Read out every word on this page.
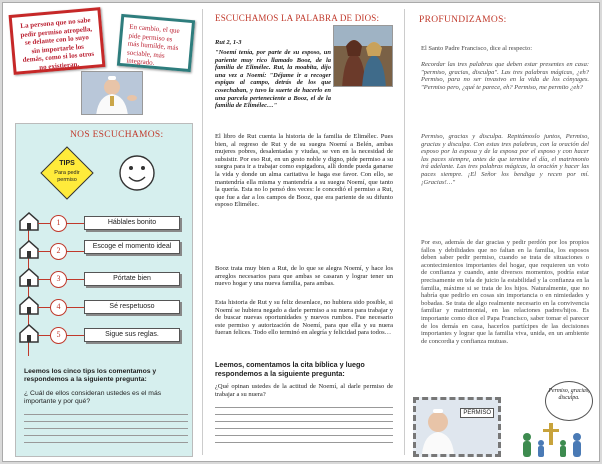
La persona que no sabe pedir permiso atropella, se delante con lo suyo sin importarle los demás, como si los otros no existieran.
En cambio, el que pide permiso es más humilde, más sociable, más integrado.
NOS ESCUCHAMOS:
TIPS
Para pedir permiso
1	Háblales bonito
2	Escoge el momento ideal
3	Pórtate bien
4	Sé respetuoso
5	Sigue sus reglas.
Leemos los cinco tips los comentamos y respondemos a la siguiente pregunta:
¿ Cuál de ellos consideran ustedes es el más importante y por qué?
ESCUCHAMOS LA PALABRA DE DIOS:
Rut 2, 1-3
"Noemí tenía, por parte de su esposo, un pariente muy rico llamado Booz, de la familia de Elimélec. Rut, la moabita, dijo una vez a Noemí: "Déjame ir a recoger espigas al campo, detrás de los que cosechaban, y tuvo la suerte de hacerlo en una parcela perteneciente a Booz, el de la familia de Elimélec…"
El libro de Rut cuenta la historia de la familia de Elimélec. Pues bien, al regreso de Rut y de su suegra Noemí a Belén, ambas mujeres pobres, desalentadas y viudas, se ven en la necesidad de subsistir. Por eso Rut, en un gesto noble y digno, pide permiso a su suegra para ir a trabajar como espigadora, allí donde pueda ganarse la vida y donde un alma caritativa le haga ese favor. Con ello, se mantendría ella misma y mantendría a su suegra Noemí, que tanto la quería. Esta no lo pensó dos veces: le concedió el permiso a Rut, que fue a dar a los campos de Booz, que era pariente de su difunto esposo Elimélec.
Booz trata muy bien a Rut, de lo que se alegra Noemí, y hace los arreglos necesarios para que ambas se casaran y lograr tener un nuevo hogar y una nueva familia, para ambas.
Esta historia de Rut y su feliz desenlace, no hubiera sido posible, si Noemí se hubiera negado a darle permiso a su nuera para trabajar y de buscar nuevas oportunidades y nuevos rumbos. Fue necesario este permiso y autorización de Noemí, para que ella y su nuera fueran felices. Todo ello terminó en alegría y felicidad para todos…
Leemos, comentamos la cita bíblica y luego respondemos a la siguiente pregunta:
¿Qué opinan ustedes de la actitud de Noemí, al darle permiso de trabajar a su nuera?
PROFUNDIZAMOS:
El Santo Padre Francisco, dice al respecto:
Recordar las tres palabras que deben estar presentes en casa: "permiso, gracias, disculpa". Las tres palabras mágicas, ¿eh? Permiso, para no ser invasivo en la vida de los cónyuges. "Permiso pero, ¿qué te parece, eh? Permiso, me permito ¿eh?
Permiso, gracias y disculpa. Repitámoslo juntos, Permiso, gracias y disculpa. Con estas tres palabras, con la oración del esposo por la esposa y de la esposa por el esposo y con hacer las paces siempre, antes de que termine el día, el matrimonio irá adelante. Las tres palabras mágicas, la oración y hacer las paces siempre. ¡El Señor los bendiga y recen por mí. ¡Gracias!…"
Por eso, además de dar gracias y pedir perdón por los propios fallos y debilidades que no faltan en la familia, los esposos deben saber pedir permiso, cuando se trata de situaciones o acontecimientos importantes del hogar, que requieren un voto de confianza y cuando, ante diversos momentos, podría estar precisamente en tela de juicio la estabilidad y la confianza en la familia, máxime si se trata de los hijos. Naturalmente, que no habría que pedirlo en cosas sin importancia o en nimiedades y bobadas. Se trata de algo realmente necesario en la convivencia familiar y matrimonial, en las relaciones padres/hijos. Es importante como dice el Papa Francisco, saber tomar el parecer de los demás en casa, hacerlos partícipes de las decisiones importantes y lograr que la familia viva, unida, en un ambiente de concordia y confianza mutuas.
PERMISO
Permiso, gracias, disculpa.
